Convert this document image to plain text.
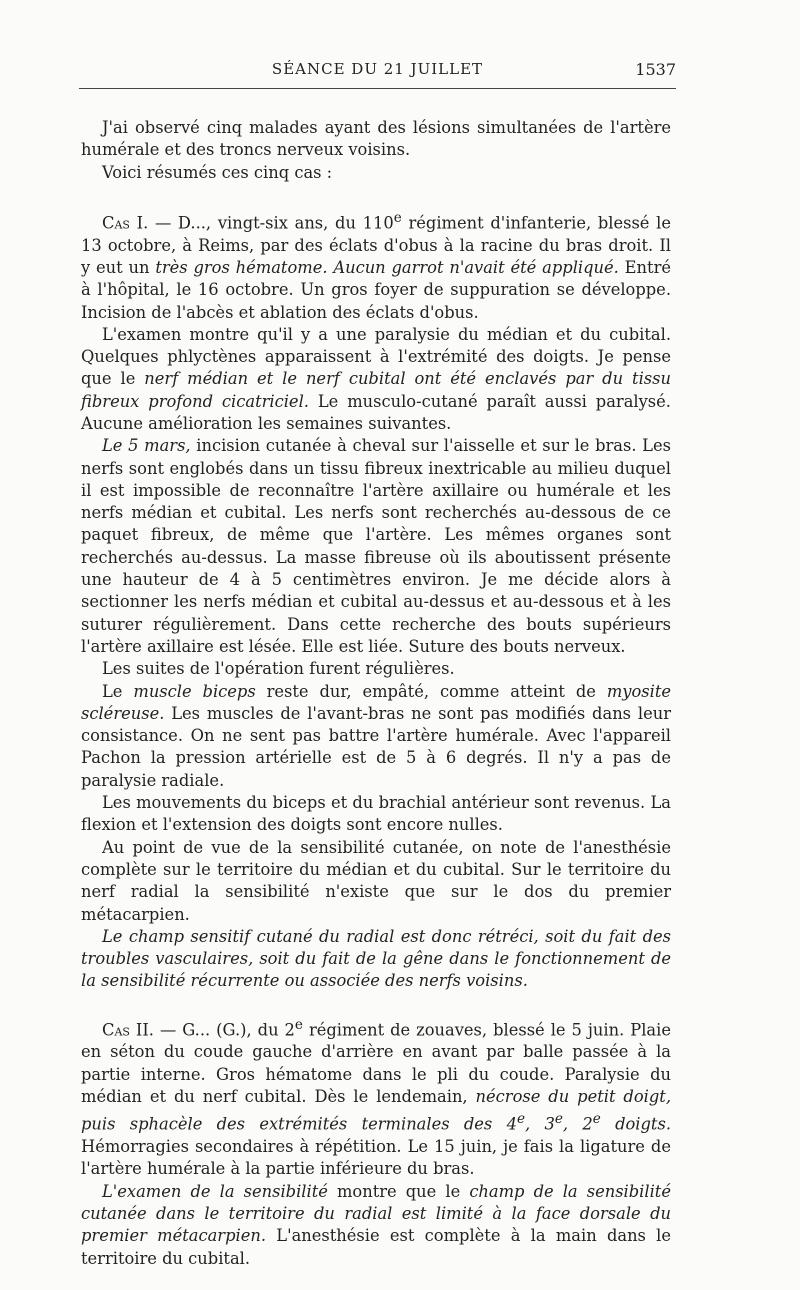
SÉANCE DU 21 JUILLET	1537

J'ai observé cinq malades ayant des lésions simultanées de l'artère humérale et des troncs nerveux voisins.

Voici résumés ces cinq cas :

Cas I. — D..., vingt-six ans, du 110e régiment d'infanterie, blessé le 13 octobre, à Reims, par des éclats d'obus à la racine du bras droit. Il y eut un très gros hématome. Aucun garrot n'avait été appliqué. Entré à l'hôpital, le 16 octobre. Un gros foyer de suppuration se développe. Incision de l'abcès et ablation des éclats d'obus.

L'examen montre qu'il y a une paralysie du médian et du cubital. Quelques phlyctènes apparaissent à l'extrémité des doigts. Je pense que le nerf médian et le nerf cubital ont été enclavés par du tissu fibreux profond cicatriciel. Le musculo-cutané paraît aussi paralysé. Aucune amélioration les semaines suivantes.

Le 5 mars, incision cutanée à cheval sur l'aisselle et sur le bras. Les nerfs sont englobés dans un tissu fibreux inextricable au milieu duquel il est impossible de reconnaître l'artère axillaire ou humérale et les nerfs médian et cubital. Les nerfs sont recherchés au-dessous de ce paquet fibreux, de même que l'artère. Les mêmes organes sont recherchés au-dessus. La masse fibreuse où ils aboutissent présente une hauteur de 4 à 5 centimètres environ. Je me décide alors à sectionner les nerfs médian et cubital au-dessus et au-dessous et à les suturer régulièrement. Dans cette recherche des bouts supérieurs l'artère axillaire est lésée. Elle est liée. Suture des bouts nerveux.

Les suites de l'opération furent régulières.

Le muscle biceps reste dur, empâté, comme atteint de myosite scléreuse. Les muscles de l'avant-bras ne sont pas modifiés dans leur consistance. On ne sent pas battre l'artère humérale. Avec l'appareil Pachon la pression artérielle est de 5 à 6 degrés. Il n'y a pas de paralysie radiale.

Les mouvements du biceps et du brachial antérieur sont revenus. La flexion et l'extension des doigts sont encore nulles.

Au point de vue de la sensibilité cutanée, on note de l'anesthésie complète sur le territoire du médian et du cubital. Sur le territoire du nerf radial la sensibilité n'existe que sur le dos du premier métacarpien.

Le champ sensitif cutané du radial est donc rétréci, soit du fait des troubles vasculaires, soit du fait de la gêne dans le fonctionnement de la sensibilité récurrente ou associée des nerfs voisins.

Cas II. — G... (G.), du 2e régiment de zouaves, blessé le 5 juin. Plaie en séton du coude gauche d'arrière en avant par balle passée à la partie interne. Gros hématome dans le pli du coude. Paralysie du médian et du nerf cubital. Dès le lendemain, nécrose du petit doigt, puis sphacèle des extrémités terminales des 4e, 3e, 2e doigts. Hémorragies secondaires à répétition. Le 15 juin, je fais la ligature de l'artère humérale à la partie inférieure du bras.

L'examen de la sensibilité montre que le champ de la sensibilité cutanée dans le territoire du radial est limité à la face dorsale du premier métacarpien. L'anesthésie est complète à la main dans le territoire du cubital.
